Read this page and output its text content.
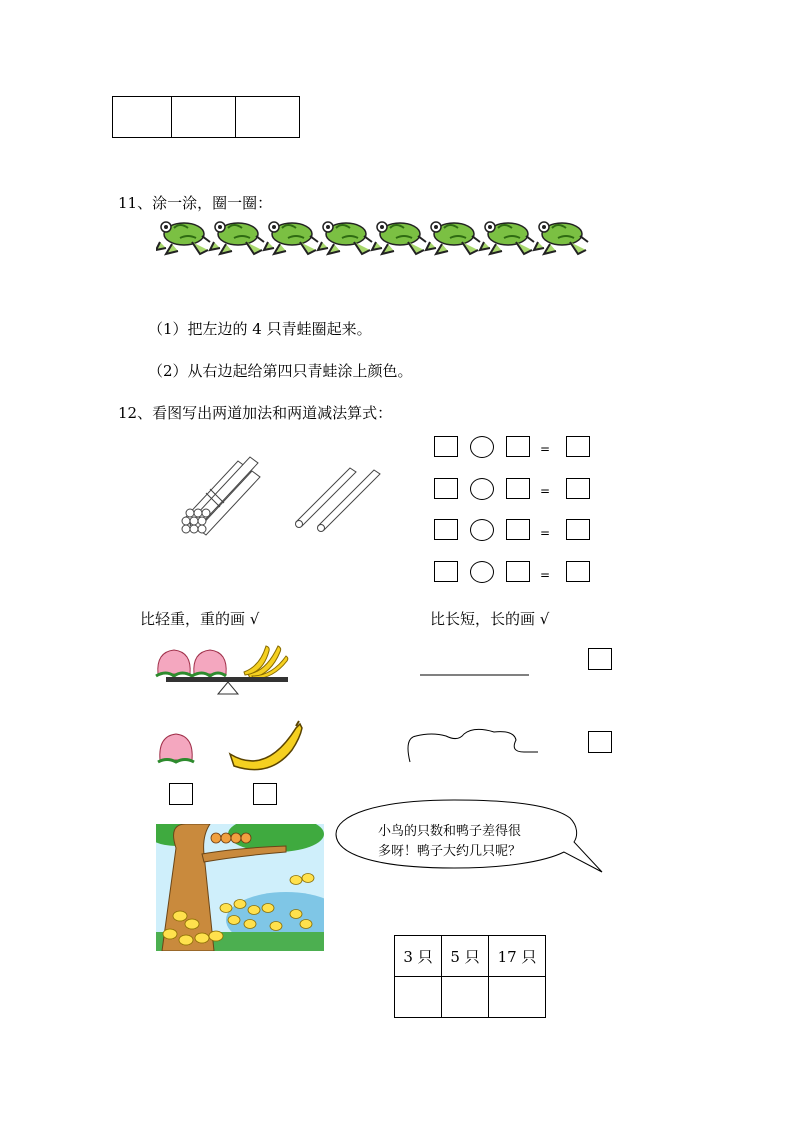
11、涂一涂，圈一圈：
（1）把左边的 4 只青蛙圈起来。
（2）从右边起给第四只青蛙涂上颜色。
12、看图写出两道加法和两道减法算式：
=
=
=
=
比轻重，重的画 √	比长短，长的画 √
小鸟的只数和鸭子差得很
多呀！鸭子大约几只呢？
3 只	5 只	17 只
